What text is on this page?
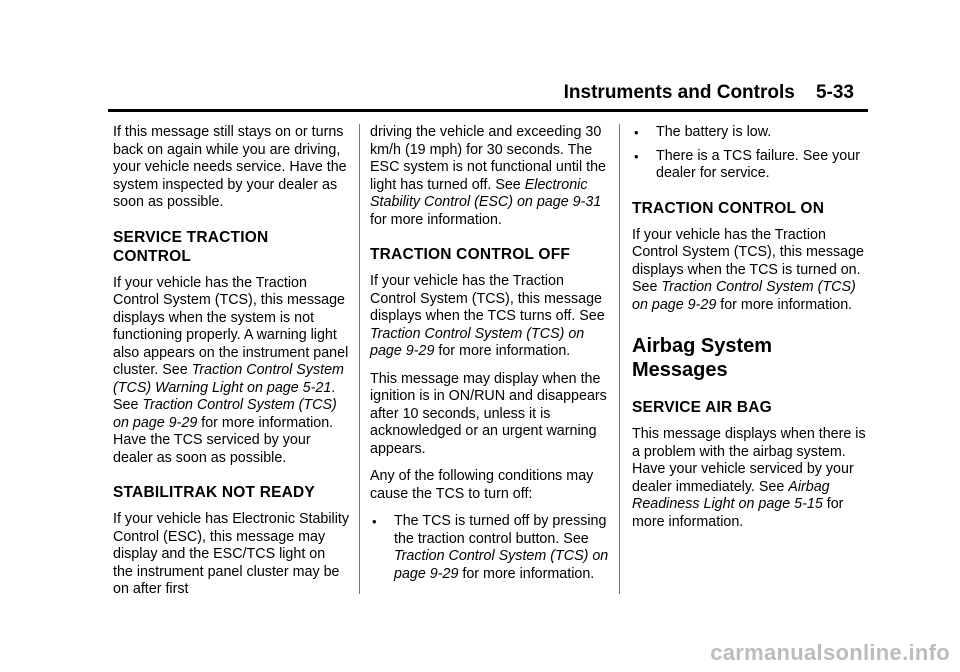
Instruments and Controls 5-33

If this message still stays on or turns back on again while you are driving, your vehicle needs service. Have the system inspected by your dealer as soon as possible.

SERVICE TRACTION CONTROL

If your vehicle has the Traction Control System (TCS), this message displays when the system is not functioning properly. A warning light also appears on the instrument panel cluster. See Traction Control System (TCS) Warning Light on page 5-21. See Traction Control System (TCS) on page 9-29 for more information. Have the TCS serviced by your dealer as soon as possible.

STABILITRAK NOT READY

If your vehicle has Electronic Stability Control (ESC), this message may display and the ESC/TCS light on the instrument panel cluster may be on after first

driving the vehicle and exceeding 30 km/h (19 mph) for 30 seconds. The ESC system is not functional until the light has turned off. See Electronic Stability Control (ESC) on page 9-31 for more information.

TRACTION CONTROL OFF

If your vehicle has the Traction Control System (TCS), this message displays when the TCS turns off. See Traction Control System (TCS) on page 9-29 for more information.

This message may display when the ignition is in ON/RUN and disappears after 10 seconds, unless it is acknowledged or an urgent warning appears.

Any of the following conditions may cause the TCS to turn off:

• The TCS is turned off by pressing the traction control button. See Traction Control System (TCS) on page 9-29 for more information.
• The battery is low.
• There is a TCS failure. See your dealer for service.
TRACTION CONTROL ON

If your vehicle has the Traction Control System (TCS), this message displays when the TCS is turned on. See Traction Control System (TCS) on page 9-29 for more information.

Airbag System Messages
SERVICE AIR BAG

This message displays when there is a problem with the airbag system. Have your vehicle serviced by your dealer immediately. See Airbag Readiness Light on page 5-15 for more information.

carmanualsonline.info
